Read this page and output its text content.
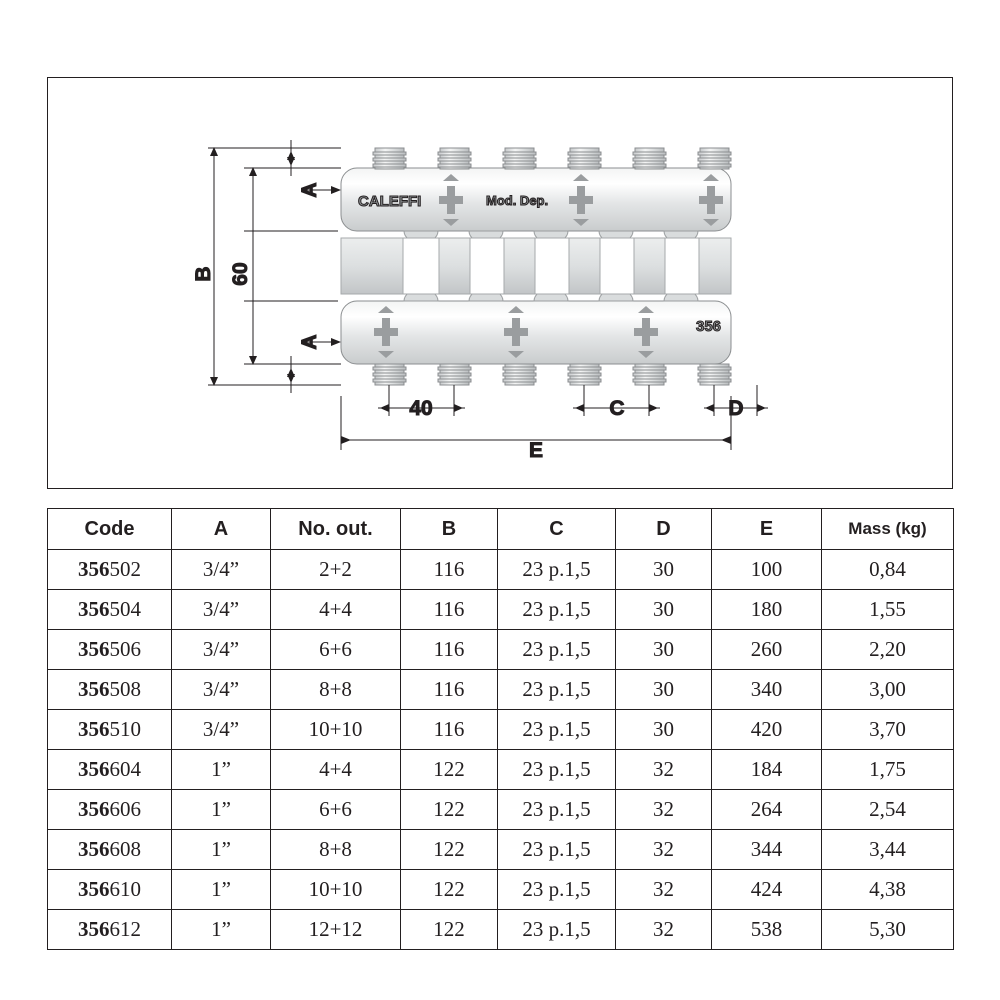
CALEFFI	Mod. Dep.
356
B 60
A
A
40	C	D
E
Code	A	No. out.	B	C	D	E	Mass (kg)
356502	3/4”	2+2	116	23 p.1,5	30	100	0,84
356504	3/4”	4+4	116	23 p.1,5	30	180	1,55
356506	3/4”	6+6	116	23 p.1,5	30	260	2,20
356508	3/4”	8+8	116	23 p.1,5	30	340	3,00
356510	3/4”	10+10	116	23 p.1,5	30	420	3,70
356604	1”	4+4	122	23 p.1,5	32	184	1,75
356606	1”	6+6	122	23 p.1,5	32	264	2,54
356608	1”	8+8	122	23 p.1,5	32	344	3,44
356610	1”	10+10	122	23 p.1,5	32	424	4,38
356612	1”	12+12	122	23 p.1,5	32	538	5,30
